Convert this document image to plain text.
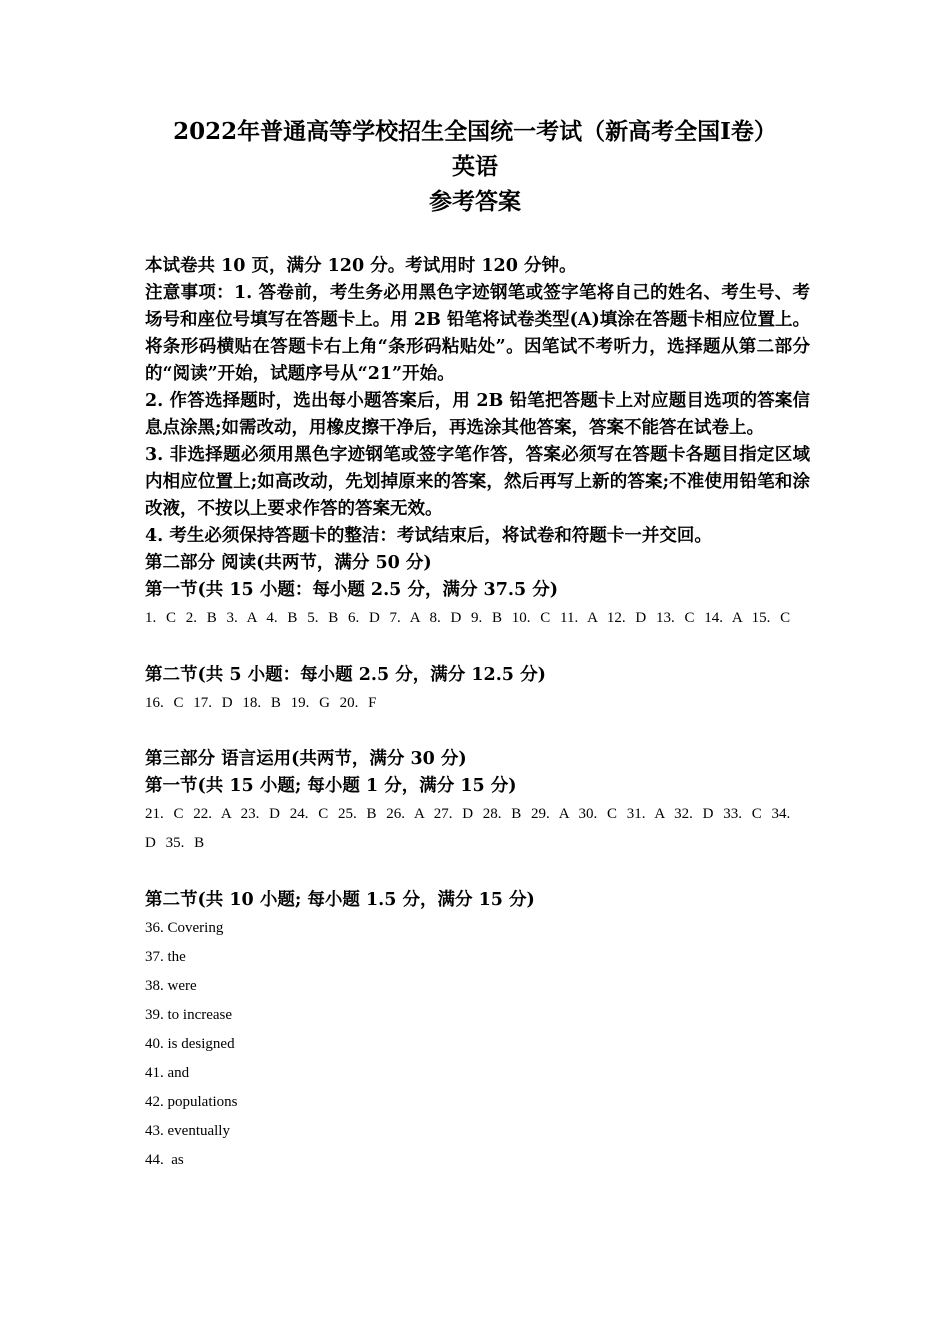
2022年普通高等学校招生全国统一考试（新高考全国Ⅰ卷）
英语
参考答案
本试卷共 10 页，满分 120 分。考试用时 120 分钟。
注意事项：1. 答卷前，考生务必用黑色字迹钢笔或签字笔将自己的姓名、考生号、考场号和座位号填写在答题卡上。用 2B 铅笔将试卷类型(A)填涂在答题卡相应位置上。将条形码横贴在答题卡右上角“条形码粘贴处”。因笔试不考听力，选择题从第二部分的“阅读”开始，试题序号从“21”开始。
2. 作答选择题时，选出每小题答案后，用 2B 铅笔把答题卡上对应题目选项的答案信息点涂黑;如需改动，用橡皮擦干净后，再选涂其他答案，答案不能答在试卷上。
3. 非选择题必须用黑色字迹钢笔或签字笔作答，答案必须写在答题卡各题目指定区域内相应位置上;如高改动，先划掉原来的答案，然后再写上新的答案;不准使用铅笔和涂改液，不按以上要求作答的答案无效。
4. 考生必须保持答题卡的整洁：考试结束后，将试卷和符题卡一并交回。
第二部分 阅读(共两节，满分 50 分)
第一节(共 15 小题：每小题 2.5 分，满分 37.5 分)
1. C 2. B 3. A 4. B 5. B 6. D 7. A 8. D 9. B 10. C 11. A 12. D 13. C 14. A 15. C
第二节(共 5 小题：每小题 2.5 分，满分 12.5 分)
16. C 17. D 18. B 19. G 20. F
第三部分 语言运用(共两节，满分 30 分)
第一节(共 15 小题; 每小题 1 分，满分 15 分)
21. C 22. A 23. D 24. C 25. B 26. A 27. D 28. B 29. A 30. C 31. A 32. D 33. C 34. D 35. B
第二节(共 10 小题; 每小题 1.5 分，满分 15 分)
36. Covering
37. the
38. were
39. to increase
40. is designed
41. and
42. populations
43. eventually
44.  as
